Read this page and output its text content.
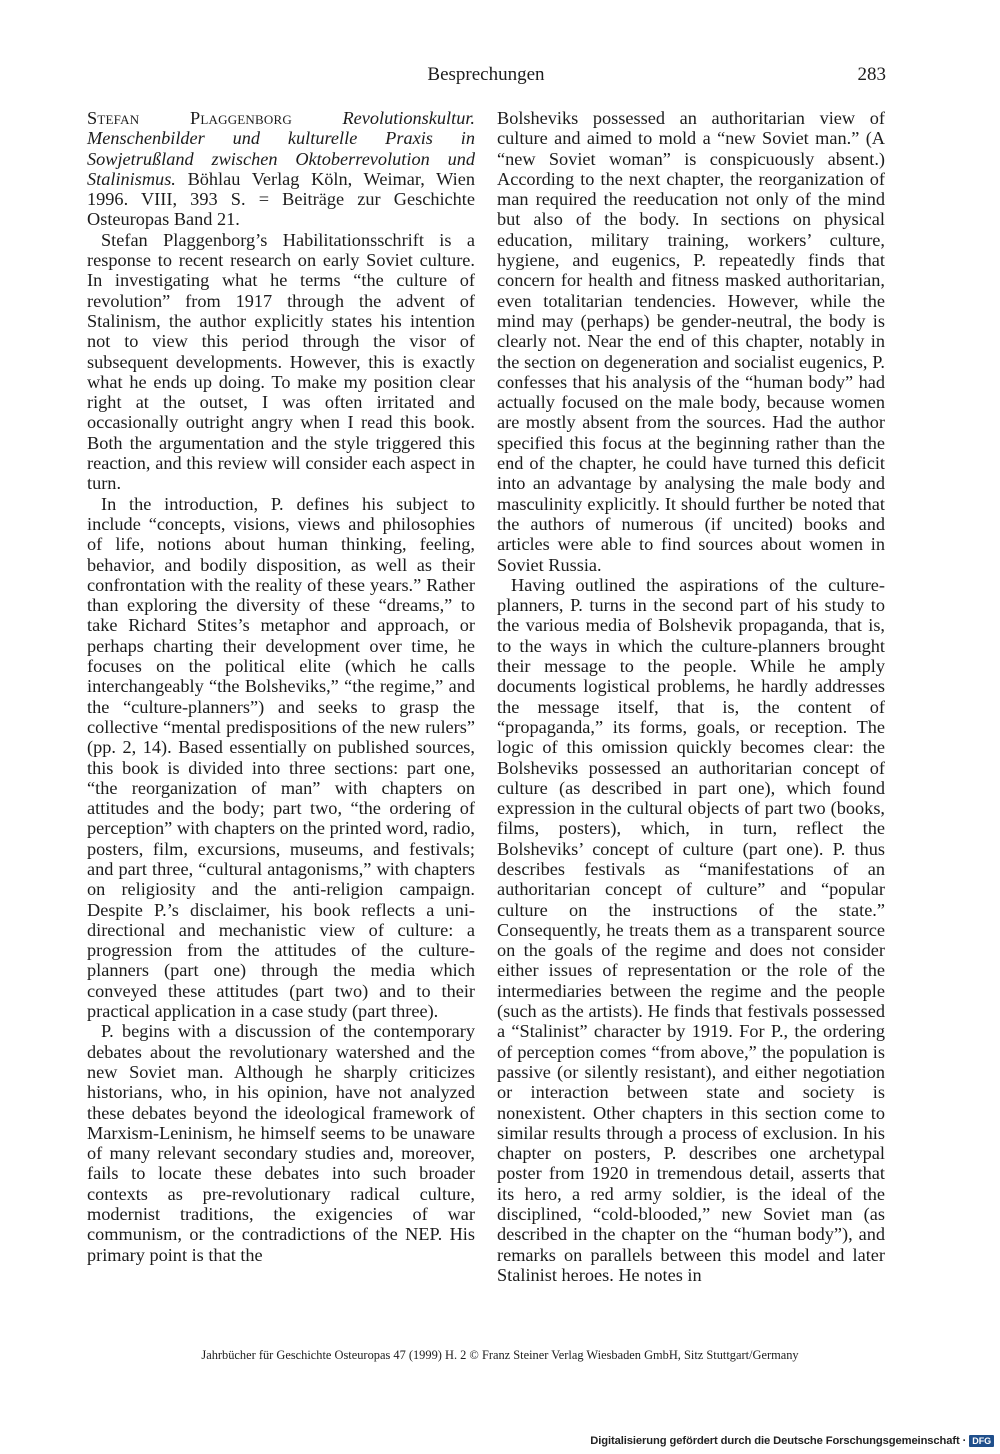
Besprechungen	283

Stefan Plaggenborg	Revolutionskultur. Menschenbilder und kulturelle Praxis in Sowjetrußland zwischen Oktoberrevolution und Stalinismus. Böhlau Verlag Köln, Weimar, Wien 1996. VIII, 393 S. = Beiträge zur Geschichte Osteuropas Band 21.

Stefan Plaggenborg’s Habilitationsschrift is a response to recent research on early Soviet culture. In investigating what he terms “the culture of revolution” from 1917 through the advent of Stalinism, the author explicitly states his intention not to view this period through the visor of subsequent developments. However, this is exactly what he ends up doing. To make my position clear right at the outset, I was often irritated and occasionally outright angry when I read this book. Both the argumentation and the style triggered this reaction, and this review will consider each aspect in turn.

In the introduction, P. defines his subject to include “concepts, visions, views and philosophies of life, notions about human thinking, feeling, behavior, and bodily disposition, as well as their confrontation with the reality of these years.” Rather than exploring the diversity of these “dreams,” to take Richard Stites’s metaphor and approach, or perhaps charting their development over time, he focuses on the political elite (which he calls interchangeably “the Bolsheviks,” “the regime,” and the “culture-planners”) and seeks to grasp the collective “mental predispositions of the new rulers” (pp. 2, 14). Based essentially on published sources, this book is divided into three sections: part one, “the reorganization of man” with chapters on attitudes and the body; part two, “the ordering of perception” with chapters on the printed word, radio, posters, film, excursions, museums, and festivals; and part three, “cultural antagonisms,” with chapters on religiosity and the anti-religion campaign. Despite P.’s disclaimer, his book reflects a uni-directional and mechanistic view of culture: a progression from the attitudes of the culture-planners (part one) through the media which conveyed these attitudes (part two) and to their practical application in a case study (part three).

P. begins with a discussion of the contemporary debates about the revolutionary watershed and the new Soviet man. Although he sharply criticizes historians, who, in his opinion, have not analyzed these debates beyond the ideological framework of Marxism-Leninism, he himself seems to be unaware of many relevant secondary studies and, moreover, fails to locate these debates into such broader contexts as pre-revolutionary radical culture, modernist traditions, the exigencies of war communism, or the contradictions of the NEP. His primary point is that the

Bolsheviks possessed an authoritarian view of culture and aimed to mold a “new Soviet man.” (A “new Soviet woman” is conspicuously absent.) According to the next chapter, the reorganization of man required the reeducation not only of the mind but also of the body. In sections on physical education, military training, workers’ culture, hygiene, and eugenics, P. repeatedly finds that concern for health and fitness masked authoritarian, even totalitarian tendencies. However, while the mind may (perhaps) be gender-neutral, the body is clearly not. Near the end of this chapter, notably in the section on degeneration and socialist eugenics, P. confesses that his analysis of the “human body” had actually focused on the male body, because women are mostly absent from the sources. Had the author specified this focus at the beginning rather than the end of the chapter, he could have turned this deficit into an advantage by analysing the male body and masculinity explicitly. It should further be noted that the authors of numerous (if uncited) books and articles were able to find sources about women in Soviet Russia.

Having outlined the aspirations of the culture-planners, P. turns in the second part of his study to the various media of Bolshevik propaganda, that is, to the ways in which the culture-planners brought their message to the people. While he amply documents logistical problems, he hardly addresses the message itself, that is, the content of “propaganda,” its forms, goals, or reception. The logic of this omission quickly becomes clear: the Bolsheviks possessed an authoritarian concept of culture (as described in part one), which found expression in the cultural objects of part two (books, films, posters), which, in turn, reflect the Bolsheviks’ concept of culture (part one). P. thus describes festivals as “manifestations of an authoritarian concept of culture” and “popular culture on the instructions of the state.” Consequently, he treats them as a transparent source on the goals of the regime and does not consider either issues of representation or the role of the intermediaries between the regime and the people (such as the artists). He finds that festivals possessed a “Stalinist” character by 1919. For P., the ordering of perception comes “from above,” the population is passive (or silently resistant), and either negotiation or interaction between state and society is nonexistent. Other chapters in this section come to similar results through a process of exclusion. In his chapter on posters, P. describes one archetypal poster from 1920 in tremendous detail, asserts that its hero, a red army soldier, is the ideal of the disciplined, “cold-blooded,” new Soviet man (as described in the chapter on the “human body”), and remarks on parallels between this model and later Stalinist heroes. He notes in

Jahrbücher für Geschichte Osteuropas 47 (1999) H. 2 © Franz Steiner Verlag Wiesbaden GmbH, Sitz Stuttgart/Germany
Digitalisierung gefördert durch die Deutsche Forschungsgemeinschaft · DFG
